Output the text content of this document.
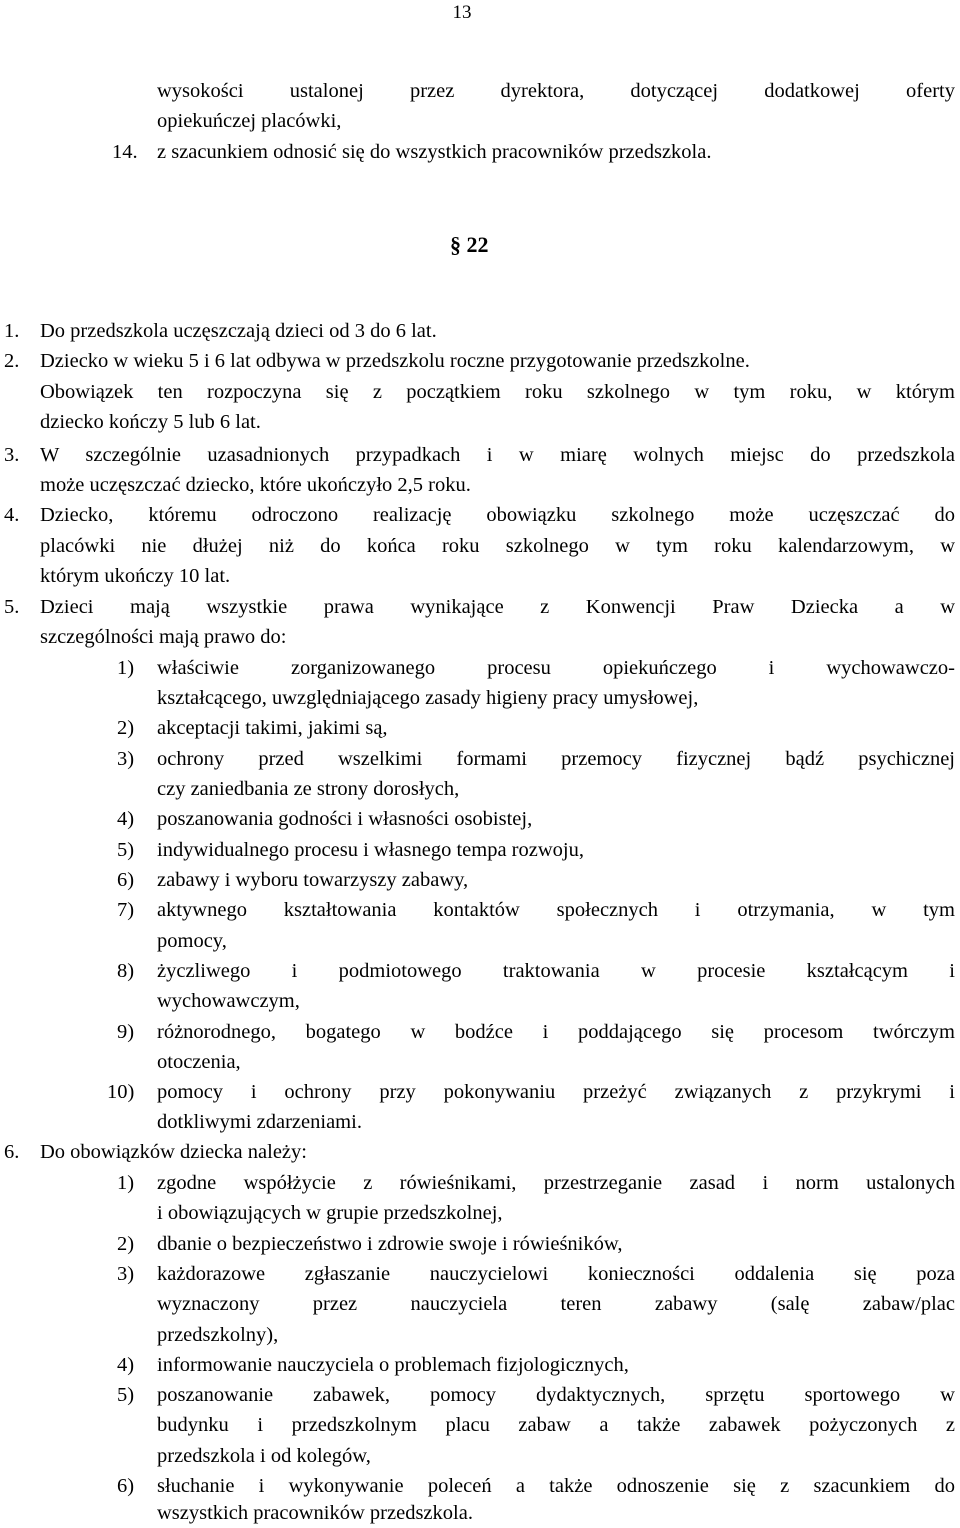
13
wysokości ustalonej przez dyrektora, dotyczącej dodatkowej oferty
opiekuńczej placówki,
14. z szacunkiem odnosić się do wszystkich pracowników przedszkola.
§ 22
1. Do przedszkola uczęszczają dzieci od 3 do 6 lat.
2. Dziecko w wieku 5 i 6 lat odbywa w przedszkolu roczne przygotowanie przedszkolne.
Obowiązek ten rozpoczyna się z początkiem roku szkolnego w tym roku, w którym
dziecko kończy 5 lub 6 lat.
3. W szczególnie uzasadnionych przypadkach i w miarę wolnych miejsc do przedszkola
może uczęszczać dziecko, które ukończyło 2,5 roku.
4. Dziecko, któremu odroczono realizację obowiązku szkolnego może uczęszczać do
placówki nie dłużej niż do końca roku szkolnego w tym roku kalendarzowym, w
którym ukończy 10 lat.
5. Dzieci mają wszystkie prawa wynikające z Konwencji Praw Dziecka a w
szczególności mają prawo do:
1) właściwie zorganizowanego procesu opiekuńczego i wychowawczo-
kształcącego, uwzględniającego zasady higieny pracy umysłowej,
2) akceptacji takimi, jakimi są,
3) ochrony przed wszelkimi formami przemocy fizycznej bądź psychicznej
czy zaniedbania ze strony dorosłych,
4) poszanowania godności i własności osobistej,
5) indywidualnego procesu i własnego tempa rozwoju,
6) zabawy i wyboru towarzyszy zabawy,
7) aktywnego kształtowania kontaktów społecznych i otrzymania, w tym
pomocy,
8) życzliwego i podmiotowego traktowania w procesie kształcącym i
wychowawczym,
9) różnorodnego, bogatego w bodźce i poddającego się procesom twórczym
otoczenia,
10) pomocy i ochrony przy pokonywaniu przeżyć związanych z przykrymi i
dotkliwymi zdarzeniami.
6. Do obowiązków dziecka należy:
1) zgodne współżycie z rówieśnikami, przestrzeganie zasad i norm ustalonych
i obowiązujących w grupie przedszkolnej,
2) dbanie o bezpieczeństwo i zdrowie swoje i rówieśników,
3) każdorazowe zgłaszanie nauczycielowi konieczności oddalenia się poza
wyznaczony przez nauczyciela teren zabawy (salę zabaw/plac
przedszkolny),
4) informowanie nauczyciela o problemach fizjologicznych,
5) poszanowanie zabawek, pomocy dydaktycznych, sprzętu sportowego w
budynku i przedszkolnym placu zabaw a także zabawek pożyczonych z
przedszkola i od kolegów,
6) słuchanie i wykonywanie poleceń a także odnoszenie się z szacunkiem do
wszystkich pracowników przedszkola.
